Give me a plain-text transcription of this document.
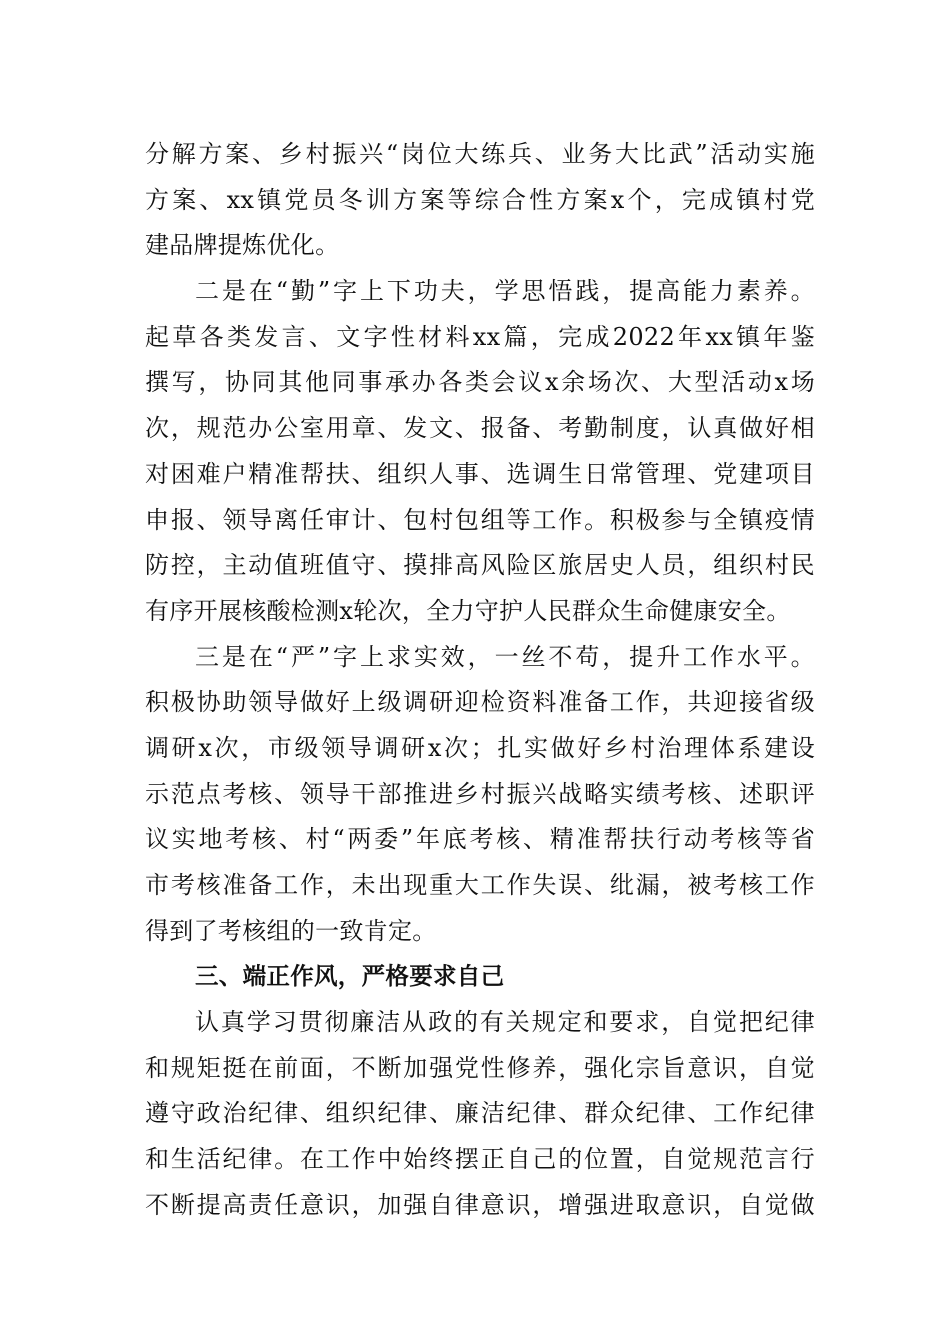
分解方案、乡村振兴“岗位大练兵、业务大比武”活动实施
方案、xx镇党员冬训方案等综合性方案x个，完成镇村党
建品牌提炼优化。
二是在“勤”字上下功夫，学思悟践，提高能力素养。
起草各类发言、文字性材料xx篇，完成2022年xx镇年鉴
撰写，协同其他同事承办各类会议x余场次、大型活动x场
次，规范办公室用章、发文、报备、考勤制度，认真做好相
对困难户精准帮扶、组织人事、选调生日常管理、党建项目
申报、领导离任审计、包村包组等工作。积极参与全镇疫情
防控，主动值班值守、摸排高风险区旅居史人员，组织村民
有序开展核酸检测x轮次，全力守护人民群众生命健康安全。
三是在“严”字上求实效，一丝不苟，提升工作水平。
积极协助领导做好上级调研迎检资料准备工作，共迎接省级
调研x次，市级领导调研x次；扎实做好乡村治理体系建设
示范点考核、领导干部推进乡村振兴战略实绩考核、述职评
议实地考核、村“两委”年底考核、精准帮扶行动考核等省
市考核准备工作，未出现重大工作失误、纰漏，被考核工作
得到了考核组的一致肯定。
三、端正作风，严格要求自己
认真学习贯彻廉洁从政的有关规定和要求，自觉把纪律
和规矩挺在前面，不断加强党性修养，强化宗旨意识，自觉
遵守政治纪律、组织纪律、廉洁纪律、群众纪律、工作纪律
和生活纪律。在工作中始终摆正自己的位置，自觉规范言行
不断提高责任意识，加强自律意识，增强进取意识，自觉做
